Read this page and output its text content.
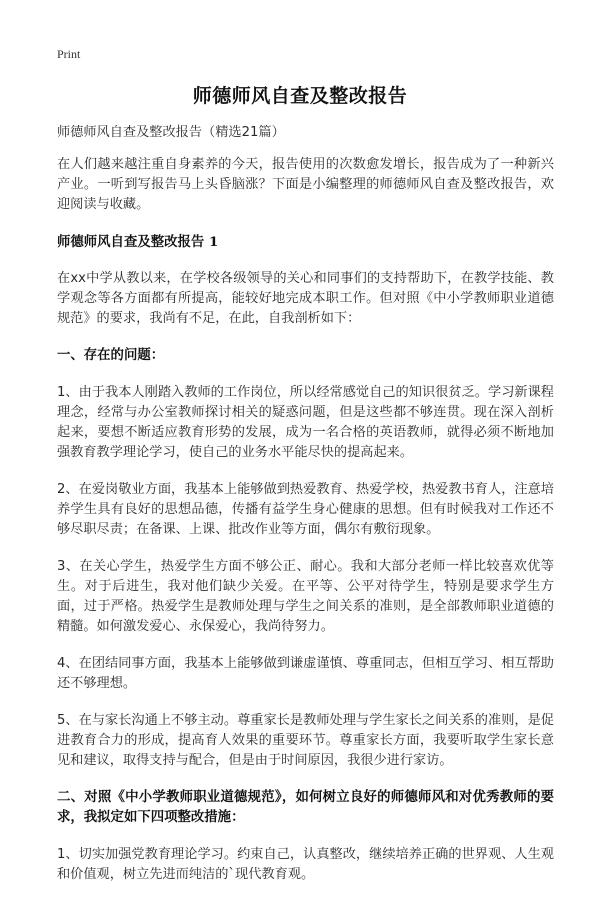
Print
师德师风自查及整改报告

师德师风自查及整改报告（精选21篇）

在人们越来越注重自身素养的今天，报告使用的次数愈发增长，报告成为了一种新兴产业。一听到写报告马上头昏脑涨？下面是小编整理的师德师风自查及整改报告，欢迎阅读与收藏。

师德师风自查及整改报告 1

在xx中学从教以来，在学校各级领导的关心和同事们的支持帮助下，在教学技能、教学观念等各方面都有所提高，能较好地完成本职工作。但对照《中小学教师职业道德规范》的要求，我尚有不足，在此，自我剖析如下：

一、存在的问题：

1、由于我本人刚踏入教师的工作岗位，所以经常感觉自己的知识很贫乏。学习新课程理念，经常与办公室教师探讨相关的疑惑问题，但是这些都不够连贯。现在深入剖析起来，要想不断适应教育形势的发展，成为一名合格的英语教师，就得必须不断地加强教育教学理论学习，使自己的业务水平能尽快的提高起来。

2、在爱岗敬业方面，我基本上能够做到热爱教育、热爱学校，热爱教书育人，注意培养学生具有良好的思想品德，传播有益学生身心健康的思想。但有时候我对工作还不够尽职尽责；在备课、上课、批改作业等方面，偶尔有敷衍现象。

3、在关心学生，热爱学生方面不够公正、耐心。我和大部分老师一样比较喜欢优等生。对于后进生，我对他们缺少关爱。在平等、公平对待学生，特别是要求学生方面，过于严格。热爱学生是教师处理与学生之间关系的准则，是全部教师职业道德的精髓。如何激发爱心、永保爱心，我尚待努力。

4、在团结同事方面，我基本上能够做到谦虚谨慎、尊重同志，但相互学习、相互帮助还不够理想。

5、在与家长沟通上不够主动。尊重家长是教师处理与学生家长之间关系的准则，是促进教育合力的形成，提高育人效果的重要环节。尊重家长方面，我要听取学生家长意见和建议，取得支持与配合，但是由于时间原因，我很少进行家访。

二、对照《中小学教师职业道德规范》，如何树立良好的师德师风和对优秀教师的要求，我拟定如下四项整改措施：

1、切实加强党教育理论学习。约束自己，认真整改，继续培养正确的世界观、人生观和价值观，树立先进而纯洁的`现代教育观。
